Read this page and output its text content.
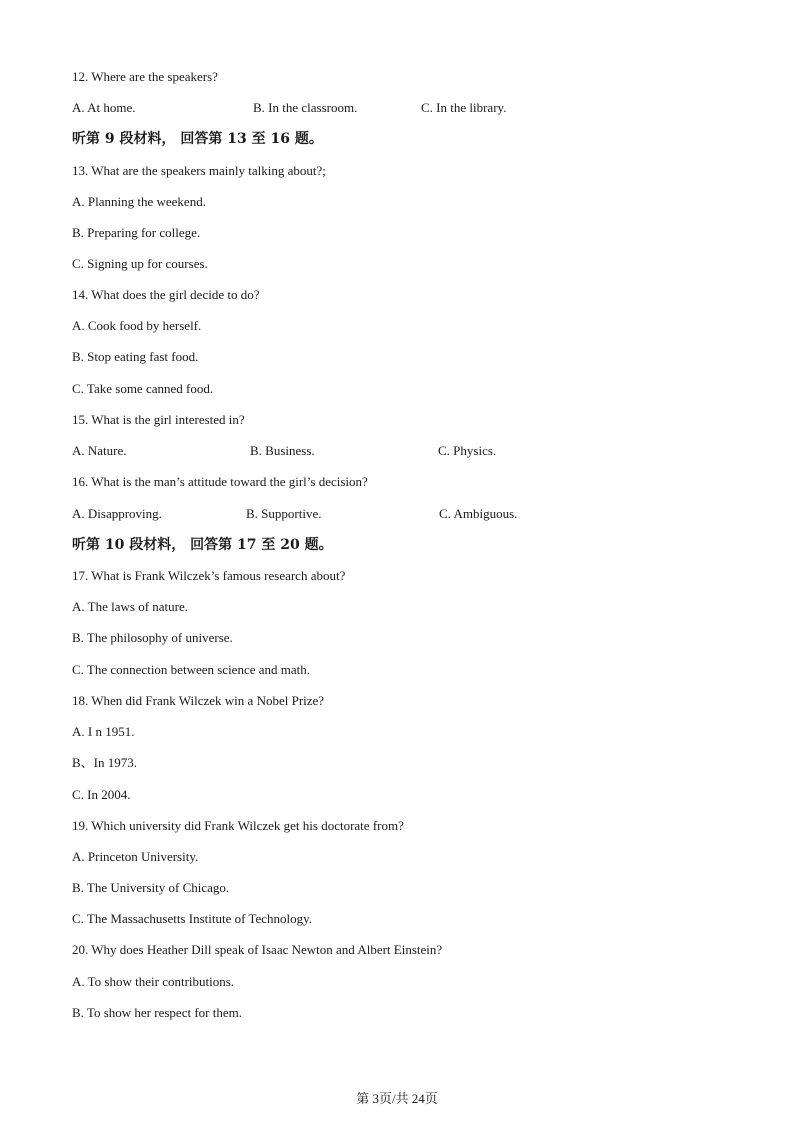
12. Where are the speakers?
A. At home.	B. In the classroom.	C. In the library.
听第 9 段材料， 回答第 13 至 16 题。
13. What are the speakers mainly talking about?;
A. Planning the weekend.
B. Preparing for college.
C. Signing up for courses.
14. What does the girl decide to do?
A. Cook food by herself.
B. Stop eating fast food.
C. Take some canned food.
15. What is the girl interested in?
A. Nature.	B. Business.	C. Physics.
16. What is the man’s attitude toward the girl’s decision?
A. Disapproving.	B. Supportive.	C. Ambiguous.
听第 10 段材料， 回答第 17 至 20 题。
17. What is Frank Wilczek’s famous research about?
A. The laws of nature.
B. The philosophy of universe.
C. The connection between science and math.
18. When did Frank Wilczek win a Nobel Prize?
A. I n 1951.
B、In 1973.
C. In 2004.
19. Which university did Frank Wilczek get his doctorate from?
A. Princeton University.
B. The University of Chicago.
C. The Massachusetts Institute of Technology.
20. Why does Heather Dill speak of Isaac Newton and Albert Einstein?
A. To show their contributions.
B. To show her respect for them.
第 3页/共 24页
